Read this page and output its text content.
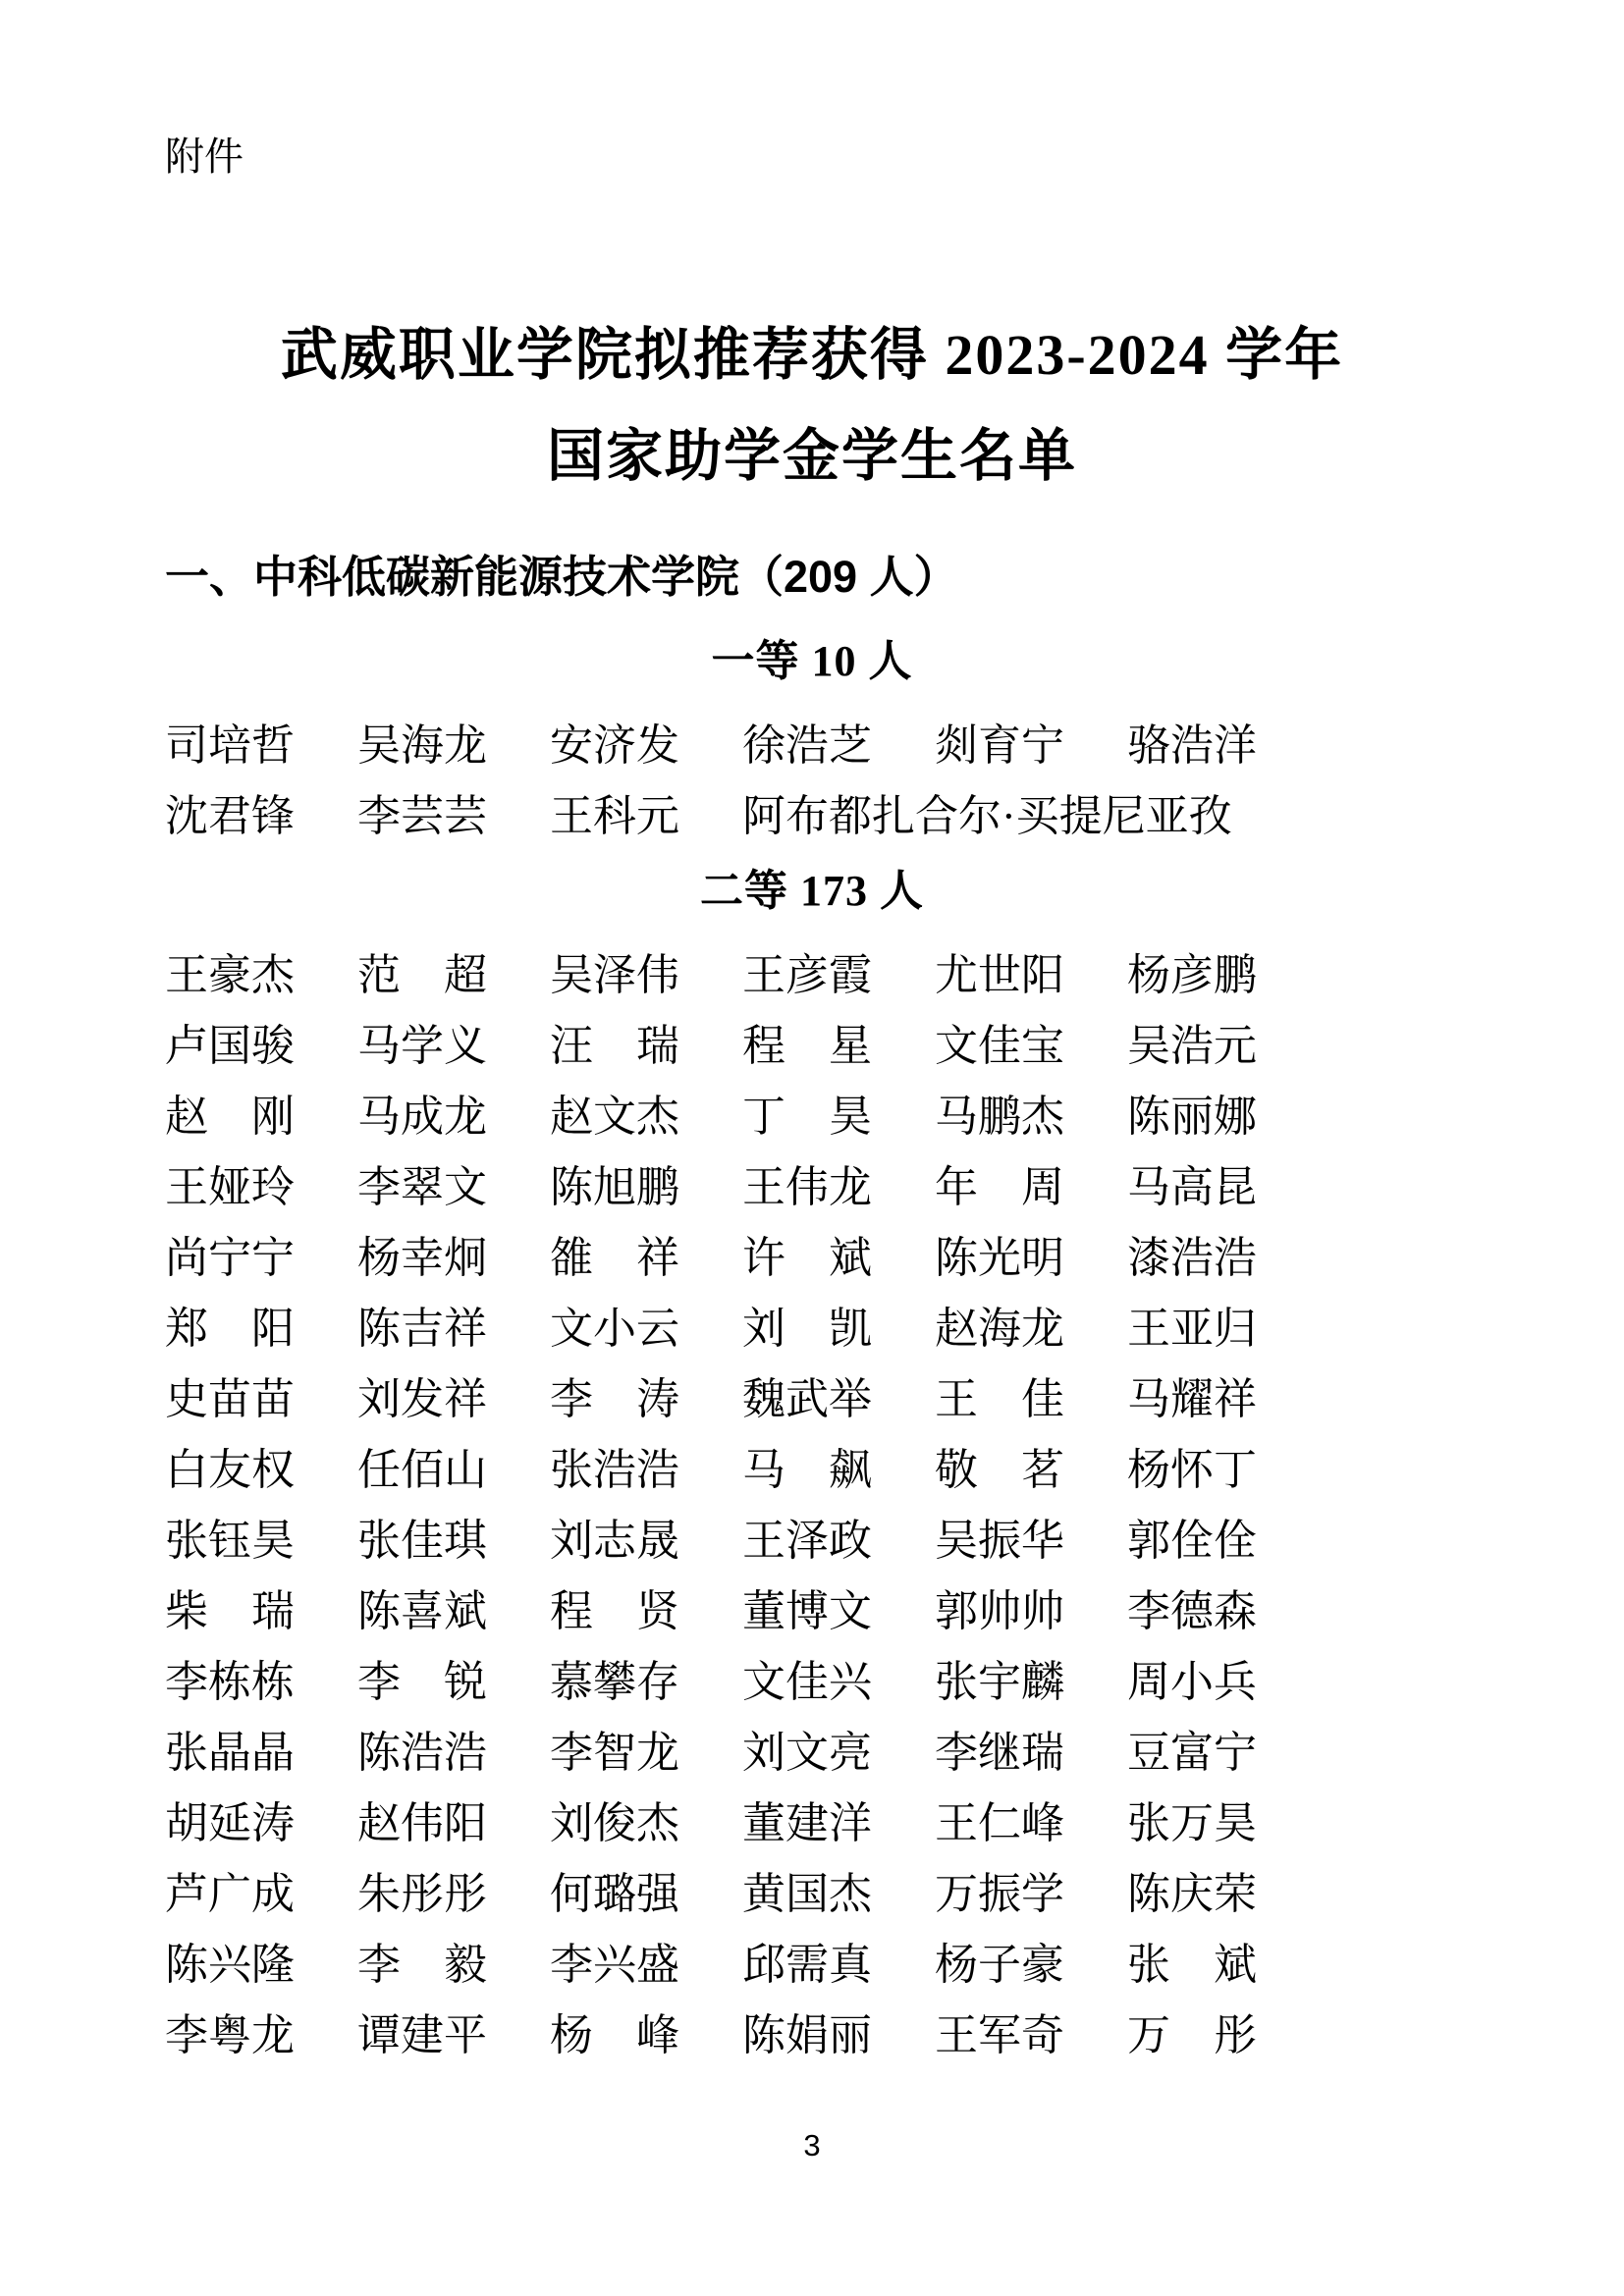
附件
武威职业学院拟推荐获得 2023-2024 学年
国家助学金学生名单
一、中科低碳新能源技术学院（209 人）
一等 10 人
司培哲 吴海龙 安济发 徐浩芝 剡育宁 骆浩洋
沈君锋 李芸芸 王科元 阿布都扎合尔·买提尼亚孜
二等 173 人
王豪杰 范　超 吴泽伟 王彦霞 尤世阳 杨彦鹏
卢国骏 马学义 汪　瑞 程　星 文佳宝 吴浩元
赵　刚 马成龙 赵文杰 丁　昊 马鹏杰 陈丽娜
王娅玲 李翠文 陈旭鹏 王伟龙 年　周 马高昆
尚宁宁 杨幸炯 雒　祥 许　斌 陈光明 漆浩浩
郑　阳 陈吉祥 文小云 刘　凯 赵海龙 王亚归
史苗苗 刘发祥 李　涛 魏武举 王　佳 马耀祥
白友权 任佰山 张浩浩 马　飙 敬　茗 杨怀丁
张钰昊 张佳琪 刘志晟 王泽政 吴振华 郭佺佺
柴　瑞 陈喜斌 程　贤 董博文 郭帅帅 李德森
李栋栋 李　锐 慕攀存 文佳兴 张宇麟 周小兵
张晶晶 陈浩浩 李智龙 刘文亮 李继瑞 豆富宁
胡延涛 赵伟阳 刘俊杰 董建洋 王仁峰 张万昊
芦广成 朱彤彤 何璐强 黄国杰 万振学 陈庆荣
陈兴隆 李　毅 李兴盛 邱需真 杨子豪 张　斌
李粤龙 谭建平 杨　峰 陈娟丽 王军奇 万　彤
3
